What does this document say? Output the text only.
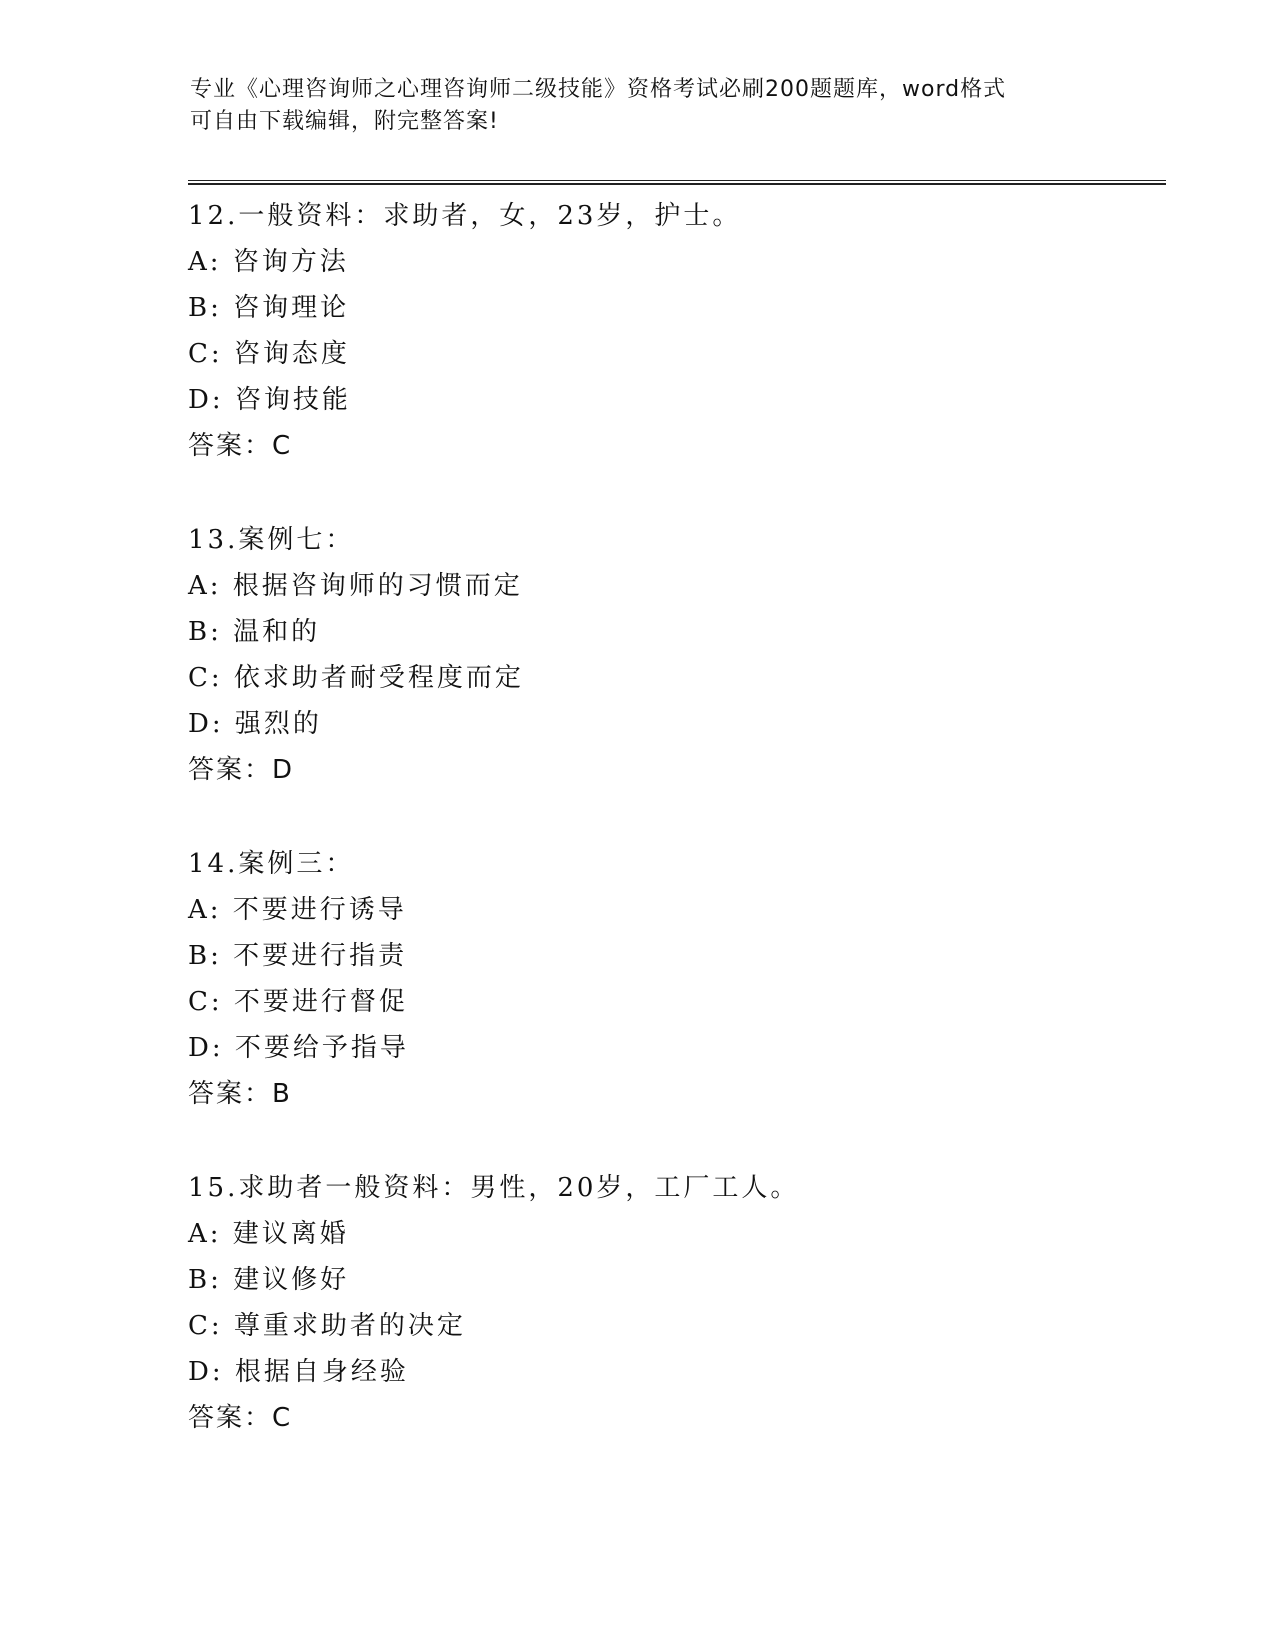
专业《心理咨询师之心理咨询师二级技能》资格考试必刷200题题库，word格式
可自由下载编辑，附完整答案!
12.一般资料：求助者，女，23岁，护士。
A: 咨询方法
B: 咨询理论
C: 咨询态度
D: 咨询技能
答案：C
13.案例七：
A: 根据咨询师的习惯而定
B: 温和的
C: 依求助者耐受程度而定
D: 强烈的
答案：D
14.案例三：
A: 不要进行诱导
B: 不要进行指责
C: 不要进行督促
D: 不要给予指导
答案：B
15.求助者一般资料：男性，20岁，工厂工人。
A: 建议离婚
B: 建议修好
C: 尊重求助者的决定
D: 根据自身经验
答案：C
